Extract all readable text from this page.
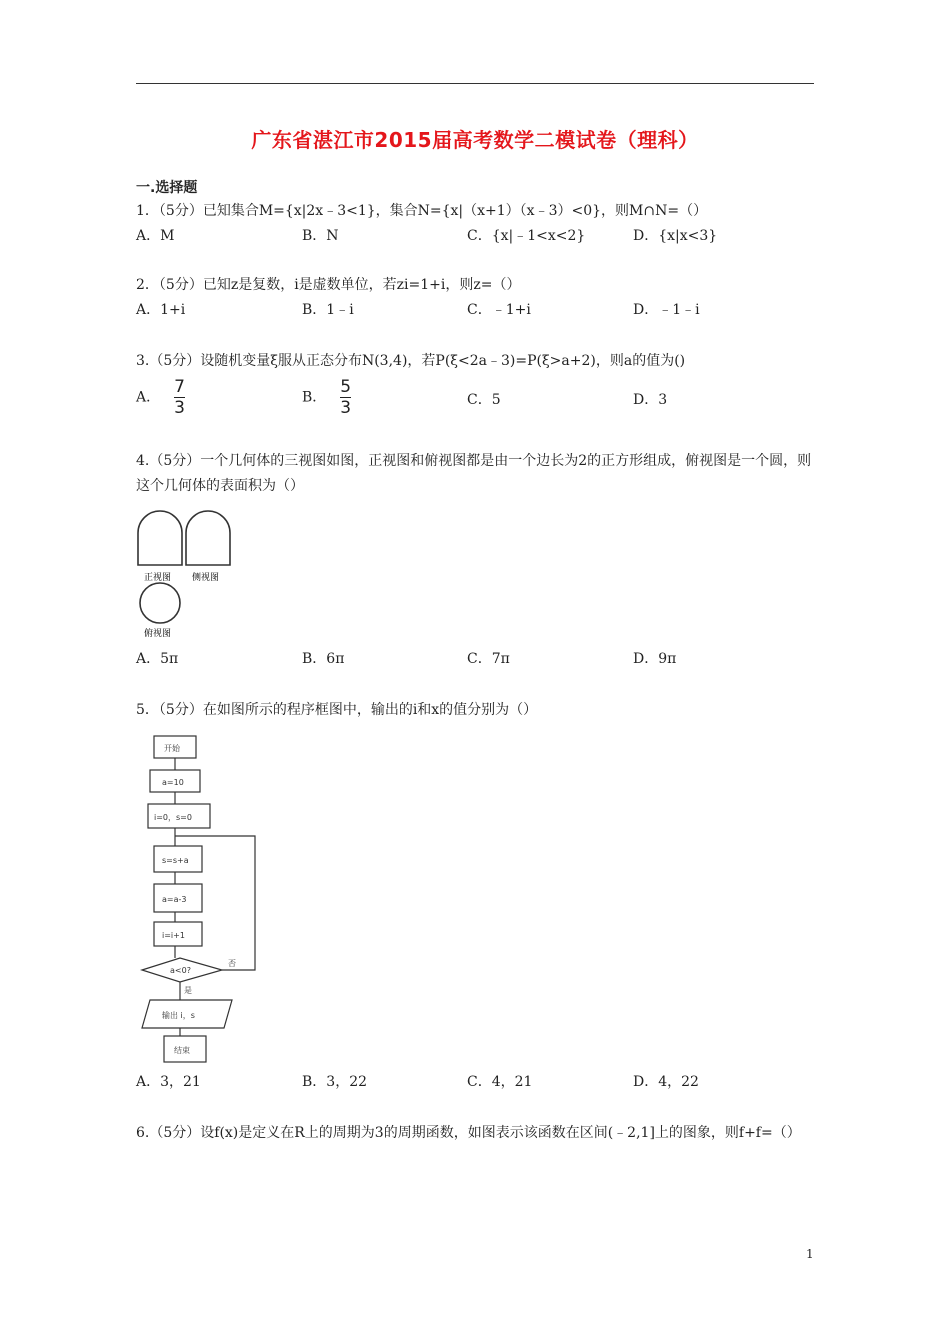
广东省湛江市2015届高考数学二模试卷（理科）
一.选择题
1．（5分）已知集合M={x|2x﹣3<1}，集合N={x|（x+1）（x﹣3）<0}，则M∩N=（）
A．M	B．N	C．{x|﹣1<x<2}	D．{x|x<3}
2．（5分）已知z是复数，i是虚数单位，若zi=1+i，则z=（）
A．1+i	B．1﹣i	C．﹣1+i	D．﹣1﹣i
3.（5分）设随机变量ξ服从正态分布N(3,4)，若P(ξ<2a﹣3)=P(ξ>a+2)，则a的值为()
A． $\frac{7}{3}$	B． $\frac{5}{3}$	C．5	D．3
4.（5分）一个几何体的三视图如图，正视图和俯视图都是由一个边长为2的正方形组成，俯视图是一个圆，则这个几何体的表面积为（）
正视图 侧视图
俯视图
A．5π	B．6π	C．7π	D．9π
5．（5分）在如图所示的程序框图中，输出的i和x的值分别为（）
开始
a=10
i=0，s=0
s=s+a
a=a-3
i=i+1
a<0?
否
是
输出 i，s
结束
A．3，21	B．3，22	C．4，21	D．4，22
6.（5分）设f(x)是定义在R上的周期为3的周期函数，如图表示该函数在区间(﹣2,1]上的图象，则f+f=（）
1
